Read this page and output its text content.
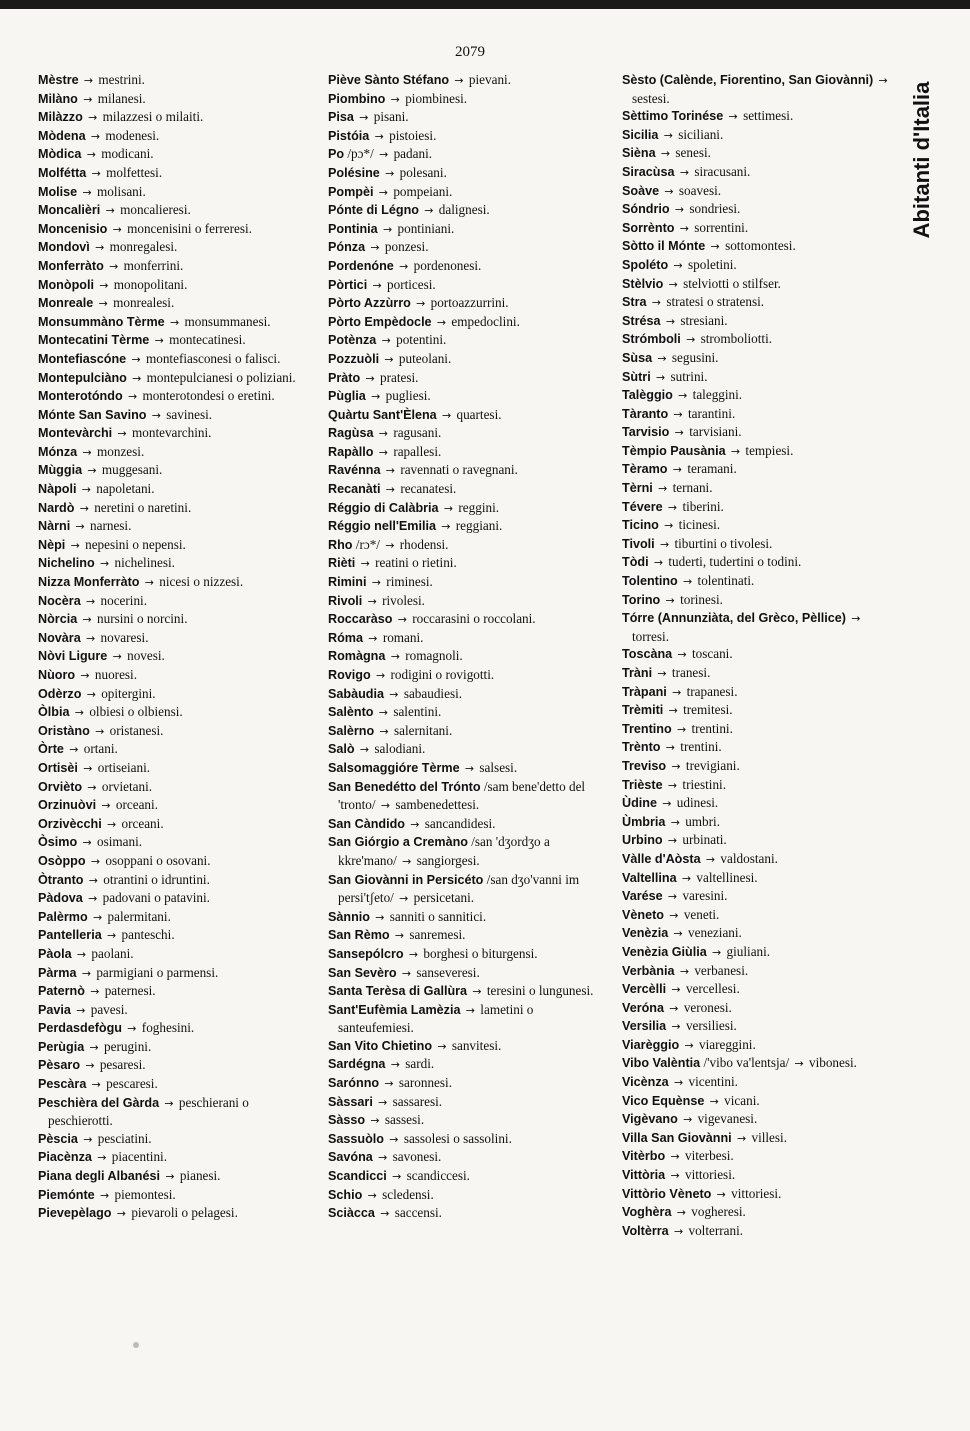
2079
Abitanti d'Italia
Mèstre → mestrini.
Milàno → milanesi.
Milàzzo → milazzesi o milaiti.
Mòdena → modenesi.
Mòdica → modicani.
Molfétta → molfettesi.
Molise → molisani.
Moncalièri → moncalieresi.
Moncenisio → moncenisini o ferreresi.
Mondovì → monregalesi.
Monferràto → monferrini.
Monòpoli → monopolitani.
Monreale → monrealesi.
Monsummàno Tèrme → monsummanesi.
Montecatini Tèrme → montecatinesi.
Montefiascóne → montefiasconesi o falisci.
Montepulciàno → montepulcianesi o poliziani.
Monterotóndo → monterotondesi o eretini.
Mónte San Savino → savinesi.
Montevàrchi → montevarchini.
Mónza → monzesi.
Mùggia → muggesani.
Nàpoli → napoletani.
Nardò → neretini o naretini.
Nàrni → narnesi.
Nèpi → nepesini o nepensi.
Nichelino → nichelinesi.
Nizza Monferràto → nicesi o nizzesi.
Nocèra → nocerini.
Nòrcia → nursini o norcini.
Novàra → novaresi.
Nòvi Ligure → novesi.
Nùoro → nuoresi.
Odèrzo → opitergini.
Òlbia → olbiesi o olbiensi.
Oristàno → oristanesi.
Òrte → ortani.
Ortisèi → ortiseiani.
Orvièto → orvietani.
Orzinuòvi → orceani.
Orzivècchi → orceani.
Òsimo → osimani.
Osòppo → osoppani o osovani.
Òtranto → otrantini o idruntini.
Pàdova → padovani o patavini.
Palèrmo → palermitani.
Pantelleria → panteschi.
Pàola → paolani.
Pàrma → parmigiani o parmensi.
Paternò → paternesi.
Pavia → pavesi.
Perdasdefògu → foghesini.
Perùgia → perugini.
Pèsaro → pesaresi.
Pescàra → pescaresi.
Peschièra del Gàrda → peschierani o peschierotti.
Pèscia → pesciatini.
Piacènza → piacentini.
Piana degli Albanési → pianesi.
Piemónte → piemontesi.
Pievepèlago → pievaroli o pelagesi.
Piève Sànto Stéfano → pievani.
Piombino → piombinesi.
Pisa → pisani.
Pistóia → pistoiesi.
Po /pɔ*/ → padani.
Polésine → polesani.
Pompèi → pompeiani.
Pónte di Légno → dalignesi.
Pontinia → pontiniani.
Pónza → ponzesi.
Pordenóne → pordenonesi.
Pòrtici → porticesi.
Pòrto Azzùrro → portoazzurrini.
Pòrto Empèdocle → empedoclini.
Potènza → potentini.
Pozzuòli → puteolani.
Pràto → pratesi.
Pùglia → pugliesi.
Quàrtu Sant'Èlena → quartesi.
Ragùsa → ragusani.
Rapàllo → rapallesi.
Ravénna → ravennati o ravegnani.
Recanàti → recanatesi.
Réggio di Calàbria → reggini.
Réggio nell'Emilia → reggiani.
Rho /rɔ*/ → rhodensi.
Rièti → reatini o rietini.
Rimini → riminesi.
Rivoli → rivolesi.
Roccaràso → roccarasini o roccolani.
Róma → romani.
Romàgna → romagnoli.
Rovigo → rodigini o rovigotti.
Sabàudia → sabaudiesi.
Salènto → salentini.
Salèrno → salernitani.
Salò → salodiani.
Salsomaggióre Tèrme → salsesi.
San Benedétto del Trónto /sam bene'detto del 'tronto/ → sambenedettesi.
San Càndido → sancandidesi.
San Giórgio a Cremàno /san 'dʒordʒo a kkre'mano/ → sangiorgesi.
San Giovànni in Persicéto /san dʒo'vanni im persi'tʃeto/ → persicetani.
Sànnio → sanniti o sannitici.
San Rèmo → sanremesi.
Sansepólcro → borghesi o biturgensi.
San Sevèro → sanseveresi.
Santa Terèsa di Gallùra → teresini o lungunesi.
Sant'Eufèmia Lamèzia → lametini o santeufemiesi.
San Vito Chietino → sanvitesi.
Sardégna → sardi.
Sarónno → saronnesi.
Sàssari → sassaresi.
Sàsso → sassesi.
Sassuòlo → sassolesi o sassolini.
Savóna → savonesi.
Scandicci → scandiccesi.
Schio → scledensi.
Sciàcca → saccensi.
Sèsto (Calènde, Fiorentino, San Giovànni) → sestesi.
Sèttimo Torinése → settimesi.
Sicilia → siciliani.
Sièna → senesi.
Siracùsa → siracusani.
Soàve → soavesi.
Sóndrio → sondriesi.
Sorrènto → sorrentini.
Sòtto il Mónte → sottomontesi.
Spoléto → spoletini.
Stèlvio → stelviotti o stilfser.
Stra → stratesi o stratensi.
Strésa → stresiani.
Strómboli → stromboliotti.
Sùsa → segusini.
Sùtri → sutrini.
Talèggio → taleggini.
Tàranto → tarantini.
Tarvisio → tarvisiani.
Tèmpio Pausània → tempiesi.
Tèramo → teramani.
Tèrni → ternani.
Tévere → tiberini.
Ticino → ticinesi.
Tivoli → tiburtini o tivolesi.
Tòdi → tuderti, tudertini o todini.
Tolentino → tolentinati.
Torino → torinesi.
Tórre (Annunziàta, del Grèco, Pèllice) → torresi.
Toscàna → toscani.
Tràni → tranesi.
Tràpani → trapanesi.
Trèmiti → tremitesi.
Trentino → trentini.
Trènto → trentini.
Treviso → trevigiani.
Trièste → triestini.
Ùdine → udinesi.
Ùmbria → umbri.
Urbino → urbinati.
Vàlle d'Aòsta → valdostani.
Valtellina → valtellinesi.
Varése → varesini.
Vèneto → veneti.
Venèzia → veneziani.
Venèzia Giùlia → giuliani.
Verbània → verbanesi.
Vercèlli → vercellesi.
Veróna → veronesi.
Versilia → versiliesi.
Viarèggio → viareggini.
Vibo Valèntia /'vibo va'lentsja/ → vibonesi.
Vicènza → vicentini.
Vico Equènse → vicani.
Vigèvano → vigevanesi.
Villa San Giovànni → villesi.
Vitèrbo → viterbesi.
Vittòria → vittoriesi.
Vittòrio Vèneto → vittoriesi.
Voghèra → vogheresi.
Voltèrra → volterrani.
